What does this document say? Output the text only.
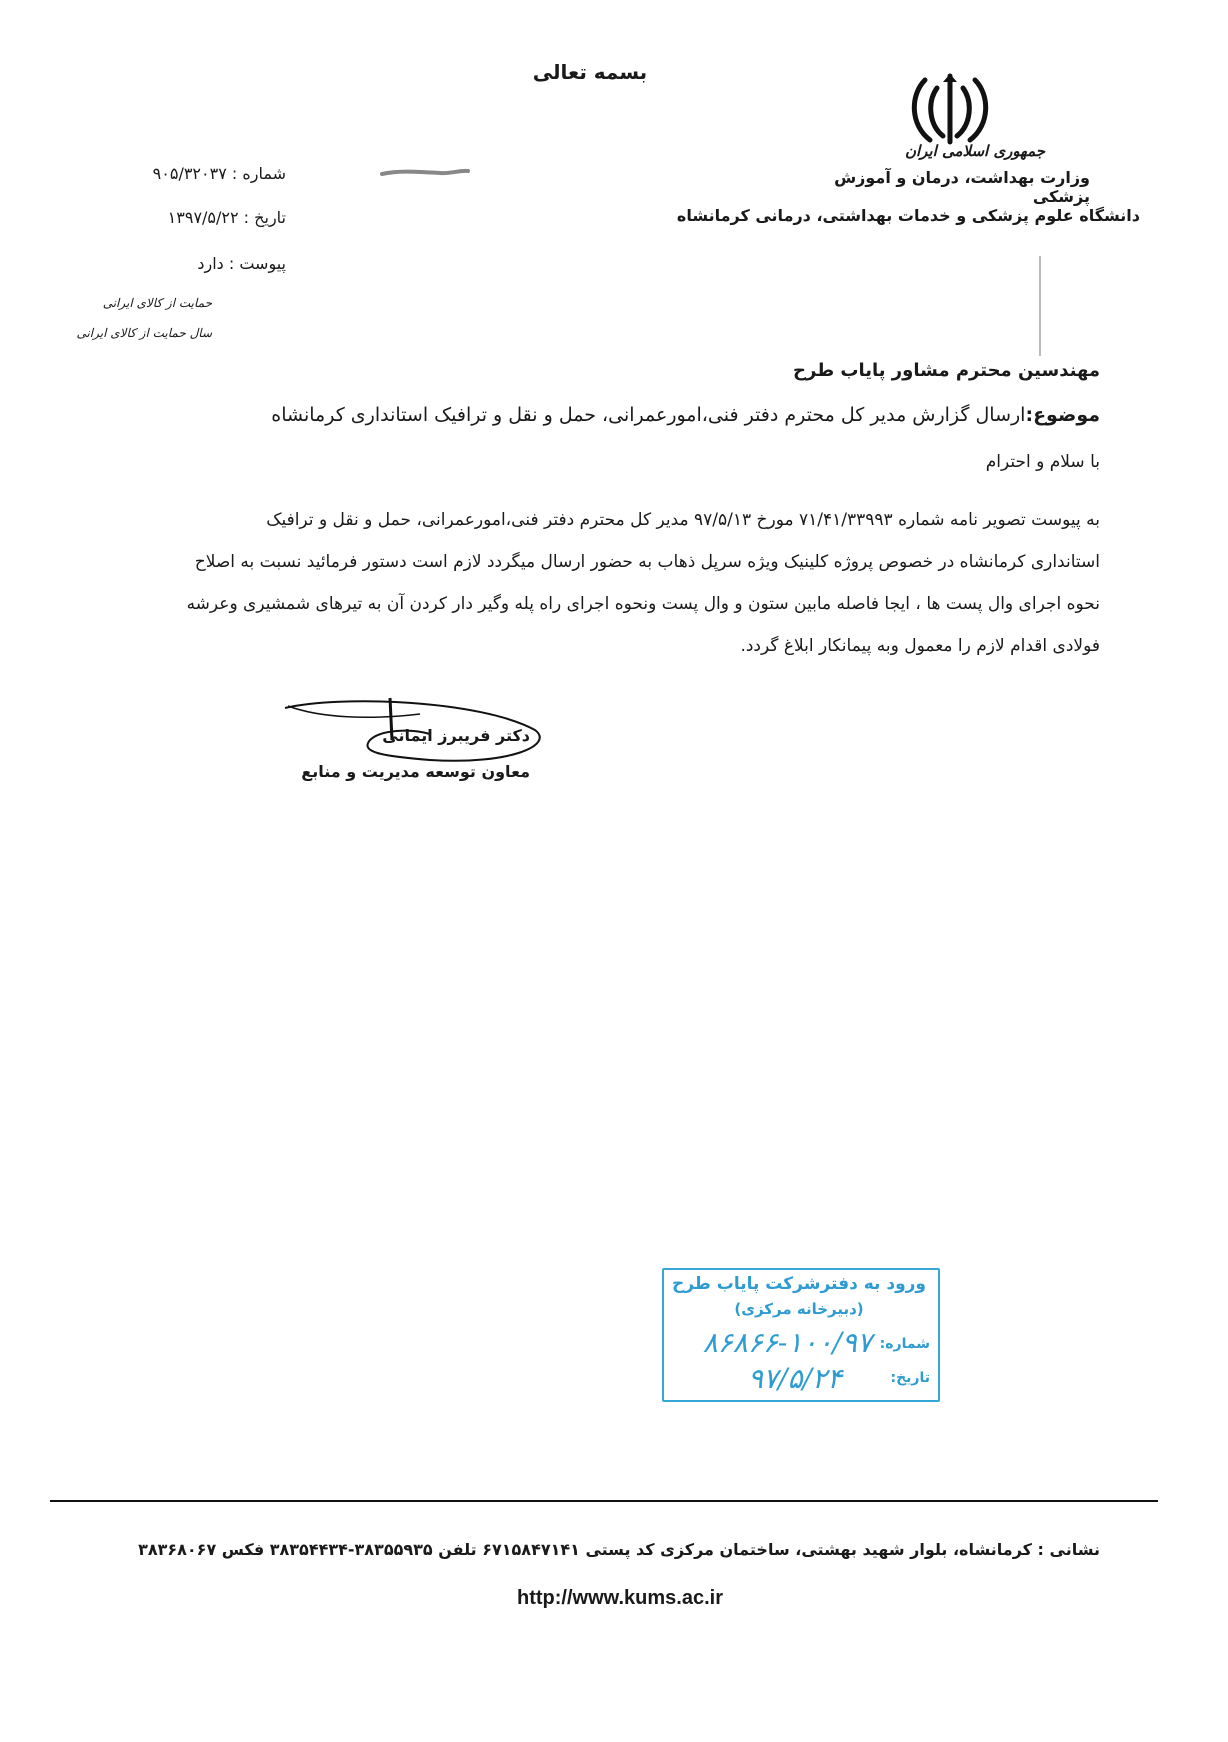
بسمه تعالی
جمهوری اسلامی ایران
وزارت بهداشت، درمان و آموزش پزشکی
دانشگاه علوم پزشکی و خدمات بهداشتی، درمانی کرمانشاه
شماره : ۹۰۵/۳۲۰۳۷
تاریخ : ۱۳۹۷/۵/۲۲
پیوست : دارد
حمایت از کالای ایرانی
سال حمایت از کالای ایرانی
مهندسین محترم مشاور پایاب طرح
موضوع:ارسال گزارش مدیر کل محترم دفتر فنی،امورعمرانی، حمل و نقل و ترافیک استانداری کرمانشاه
با سلام و احترام
به پیوست تصویر نامه شماره ۷۱/۴۱/۳۳۹۹۳ مورخ ۹۷/۵/۱۳ مدیر کل محترم دفتر فنی،امورعمرانی، حمل و نقل و ترافیک
استانداری کرمانشاه در خصوص پروژه کلینیک ویژه سرپل ذهاب به حضور ارسال میگردد لازم است دستور فرمائید نسبت به اصلاح
نحوه اجرای وال پست ها ، ایجا فاصله مابین ستون و وال پست ونحوه اجرای راه پله وگیر دار کردن آن به تیرهای شمشیری وعرشه
فولادی اقدام لازم را معمول وبه پیمانکار ابلاغ گردد.
دکتر فریبرز ایمانی
معاون توسعه مدیریت و منابع
ورود به دفترشرکت پایاب طرح
(دبیرخانه مرکزی)
شماره:
۸۶۸۶۶-۱۰۰/۹۷
تاریخ:
۹۷/۵/۲۴
نشانی : کرمانشاه، بلوار شهید بهشتی، ساختمان مرکزی کد پستی ۶۷۱۵۸۴۷۱۴۱ تلفن ۳۸۳۵۵۹۳۵-۳۸۳۵۴۴۳۴ فکس ۳۸۳۶۸۰۶۷
http://www.kums.ac.ir
